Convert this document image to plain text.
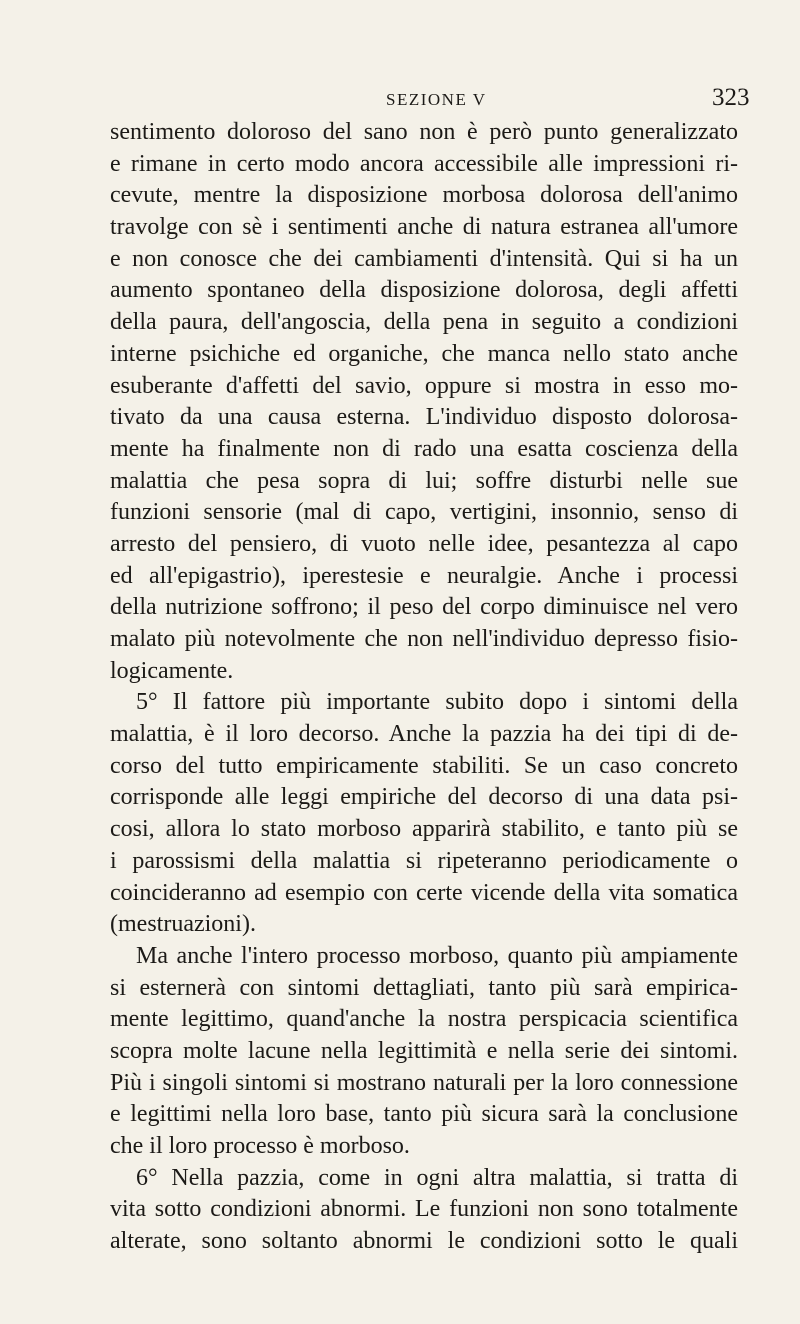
SEZIONE V	323
sentimento doloroso del sano non è però punto generalizzato
e rimane in certo modo ancora accessibile alle impressioni ri-
cevute, mentre la disposizione morbosa dolorosa dell'animo
travolge con sè i sentimenti anche di natura estranea all'umore
e non conosce che dei cambiamenti d'intensità. Qui si ha un
aumento spontaneo della disposizione dolorosa, degli affetti
della paura, dell'angoscia, della pena in seguito a condizioni
interne psichiche ed organiche, che manca nello stato anche
esuberante d'affetti del savio, oppure si mostra in esso mo-
tivato da una causa esterna. L'individuo disposto dolorosa-
mente ha finalmente non di rado una esatta coscienza della
malattia che pesa sopra di lui; soffre disturbi nelle sue
funzioni sensorie (mal di capo, vertigini, insonnio, senso di
arresto del pensiero, di vuoto nelle idee, pesantezza al capo
ed all'epigastrio), iperestesie e neuralgie. Anche i processi
della nutrizione soffrono; il peso del corpo diminuisce nel vero
malato più notevolmente che non nell'individuo depresso fisio-
logicamente.
5° Il fattore più importante subito dopo i sintomi della
malattia, è il loro decorso. Anche la pazzia ha dei tipi di de-
corso del tutto empiricamente stabiliti. Se un caso concreto
corrisponde alle leggi empiriche del decorso di una data psi-
cosi, allora lo stato morboso apparirà stabilito, e tanto più se
i parossismi della malattia si ripeteranno periodicamente o
coincideranno ad esempio con certe vicende della vita somatica
(mestruazioni).
Ma anche l'intero processo morboso, quanto più ampiamente
si esternerà con sintomi dettagliati, tanto più sarà empirica-
mente legittimo, quand'anche la nostra perspicacia scientifica
scopra molte lacune nella legittimità e nella serie dei sintomi.
Più i singoli sintomi si mostrano naturali per la loro connessione
e legittimi nella loro base, tanto più sicura sarà la conclusione
che il loro processo è morboso.
6° Nella pazzia, come in ogni altra malattia, si tratta di
vita sotto condizioni abnormi. Le funzioni non sono totalmente
alterate, sono soltanto abnormi le condizioni sotto le quali
